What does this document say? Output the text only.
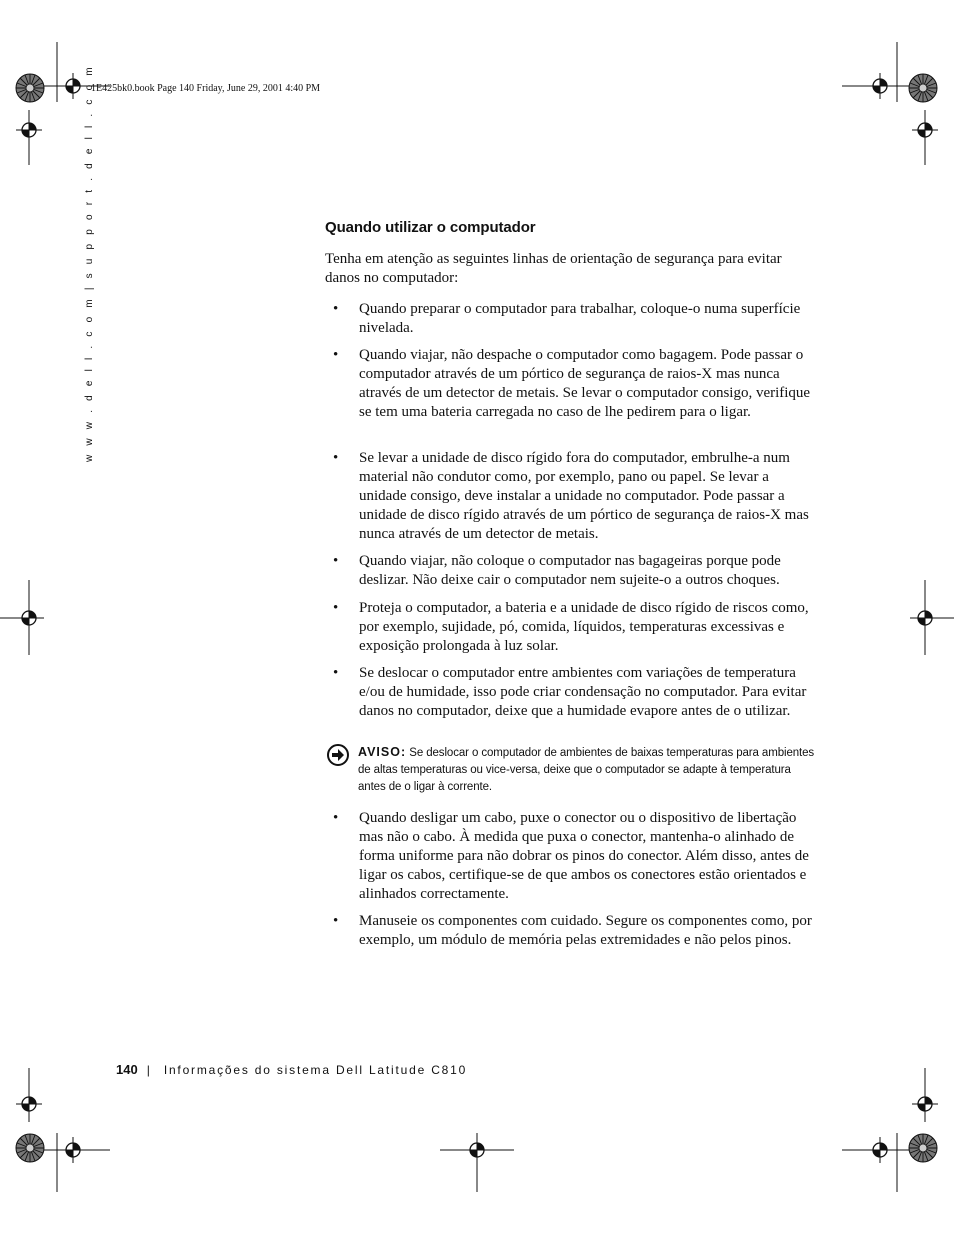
1E425bk0.book Page 140 Friday, June 29, 2001 4:40 PM
w w w . d e l l . c o m | s u p p o r t . d e l l . c o m	Quando utilizar o computador
Tenha em atenção as seguintes linhas de orientação de segurança para evitar danos no computador:
• Quando preparar o computador para trabalhar, coloque-o numa superfície nivelada.
• Quando viajar, não despache o computador como bagagem. Pode passar o computador através de um pórtico de segurança de raios-X mas nunca através de um detector de metais. Se levar o computador consigo, verifique se tem uma bateria carregada no caso de lhe pedirem para o ligar.
• Se levar a unidade de disco rígido fora do computador, embrulhe-a num material não condutor como, por exemplo, pano ou papel. Se levar a unidade consigo, deve instalar a unidade no computador. Pode passar a unidade de disco rígido através de um pórtico de segurança de raios-X mas nunca através de um detector de metais.
• Quando viajar, não coloque o computador nas bagageiras porque pode deslizar. Não deixe cair o computador nem sujeite-o a outros choques.
• Proteja o computador, a bateria e a unidade de disco rígido de riscos como, por exemplo, sujidade, pó, comida, líquidos, temperaturas excessivas e exposição prolongada à luz solar.
• Se deslocar o computador entre ambientes com variações de temperatura e/ou de humidade, isso pode criar condensação no computador. Para evitar danos no computador, deixe que a humidade evapore antes de o utilizar.
AVISO: Se deslocar o computador de ambientes de baixas temperaturas para ambientes de altas temperaturas ou vice-versa, deixe que o computador se adapte à temperatura antes de o ligar à corrente.
• Quando desligar um cabo, puxe o conector ou o dispositivo de libertação mas não o cabo. À medida que puxa o conector, mantenha-o alinhado de forma uniforme para não dobrar os pinos do conector. Além disso, antes de ligar os cabos, certifique-se de que ambos os conectores estão orientados e alinhados correctamente.
• Manuseie os componentes com cuidado. Segure os componentes como, por exemplo, um módulo de memória pelas extremidades e não pelos pinos.
140 | Informações do sistema Dell Latitude C810
